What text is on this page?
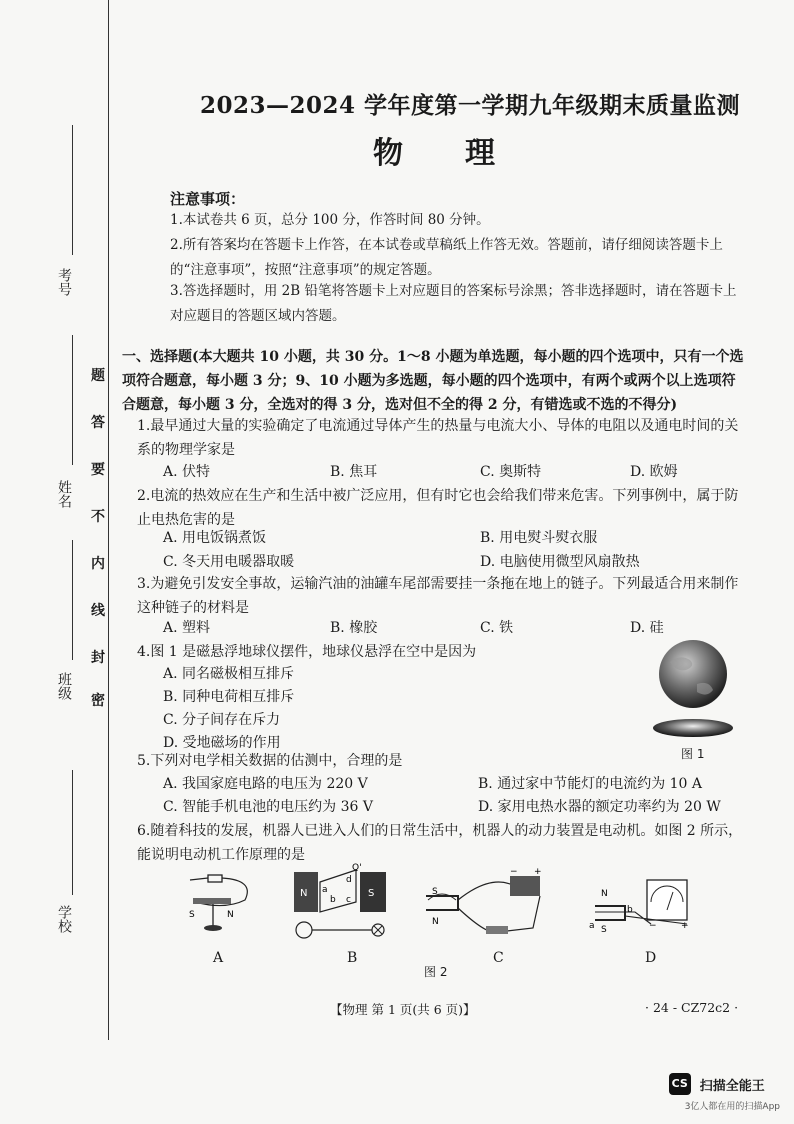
考号
姓名
班级
学校
密
封
线
内
不
要
答
题
2023—2024 学年度第一学期九年级期末质量监测
物理
注意事项：
1.本试卷共 6 页，总分 100 分，作答时间 80 分钟。
2.所有答案均在答题卡上作答，在本试卷或草稿纸上作答无效。答题前，请仔细阅读答题卡上的“注意事项”，按照“注意事项”的规定答题。
3.答选择题时，用 2B 铅笔将答题卡上对应题目的答案标号涂黑；答非选择题时，请在答题卡上对应题目的答题区域内答题。
一、选择题(本大题共 10 小题，共 30 分。1～8 小题为单选题，每小题的四个选项中，只有一个选项符合题意，每小题 3 分；9、10 小题为多选题，每小题的四个选项中，有两个或两个以上选项符合题意，每小题 3 分，全选对的得 3 分，选对但不全的得 2 分，有错选或不选的不得分)
1.最早通过大量的实验确定了电流通过导体产生的热量与电流大小、导体的电阻以及通电时间的关系的物理学家是
A. 伏特	B. 焦耳	C. 奥斯特	D. 欧姆
2.电流的热效应在生产和生活中被广泛应用，但有时它也会给我们带来危害。下列事例中，属于防止电热危害的是
A. 用电饭锅煮饭	B. 用电熨斗熨衣服
C. 冬天用电暖器取暖	D. 电脑使用微型风扇散热
3.为避免引发安全事故，运输汽油的油罐车尾部需要挂一条拖在地上的链子。下列最适合用来制作这种链子的材料是
A. 塑料	B. 橡胶	C. 铁	D. 硅
4.图 1 是磁悬浮地球仪摆件，地球仪悬浮在空中是因为
A. 同名磁极相互排斥
B. 同种电荷相互排斥
C. 分子间存在斥力
D. 受地磁场的作用
图 1
5.下列对电学相关数据的估测中，合理的是
A. 我国家庭电路的电压为 220 V	B. 通过家中节能灯的电流约为 10 A
C. 智能手机电池的电压约为 36 V	D. 家用电热水器的额定功率约为 20 W
6.随着科技的发展，机器人已进入人们的日常生活中，机器人的动力装置是电动机。如图 2 所示，能说明电动机工作原理的是
S	N
N	S
a
b c
d
Q'
S
N
+
−
N
S
a
b
−	+
A	B	C	D
图 2
【物理 第 1 页(共 6 页)】	· 24 - CZ72c2 ·
CS 扫描全能王
3亿人都在用的扫描App
